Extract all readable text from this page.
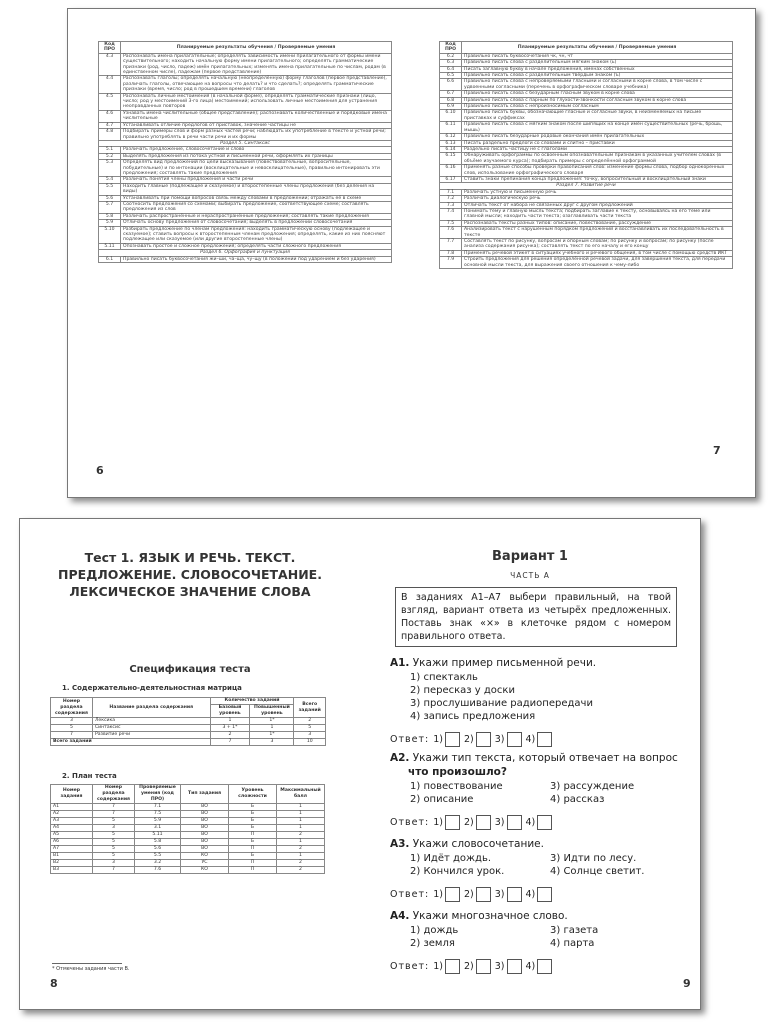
Код ПРО	Планируемые результаты обучения / Проверяемые умения
4.3	Распознавать имена прилагательные; определять зависимость имени прилагательного от формы имени существительного; находить начальную форму имени прилагательного; определять грамматические признаки (род, число, падеж) имён прилагательных; изменять имена прилагательные по числам, родам (в единственном числе), падежам (первое представление)
4.4	Распознавать глаголы; определять начальную (неопределённую) форму глаголов (первое представление), различать глаголы, отвечающие на вопросы что делать? и что сделать?; определять грамматические признаки (время, число; род в прошедшем времени) глаголов
4.5	Распознавать личные местоимения (в начальной форме), определять грамматические признаки (лицо, число; род у местоимений 3-го лица) местоимений; использовать личные местоимения для устранения неоправданных повторов
4.6	Узнавать имена числительные (общее представление); распознавать количественные и порядковые имена числительные
4.7	Устанавливать отличие предлогов от приставок, значение частицы не
4.8	Подбирать примеры слов и форм разных частей речи; наблюдать их употребление в тексте и устной речи; правильно употреблять в речи части речи и их формы
Раздел 5. Синтаксис	
5.1	Различать предложение, словосочетание и слово
5.2	Выделять предложения из потока устной и письменной речи, оформлять их границы
5.3	Определять вид предложений по цели высказывания (повествовательные, вопросительные, побудительные) и по интонации (восклицательные и невосклицательные), правильно интонировать эти предложения; составлять такие предложения
5.4	Различать понятия члены предложения и части речи
5.5	Находить главные (подлежащее и сказуемое) и второстепенные члены предложения (без деления на виды)
5.6	Устанавливать при помощи вопросов связь между словами в предложении; отражать её в схеме
5.7	Соотносить предложения со схемами; выбирать предложение, соответствующее схеме; составлять предложения из слов
5.8	Различать распространённые и нераспространённые предложения; составлять такие предложения
5.9	Отличать основу предложения от словосочетания; выделять в предложении словосочетания
5.10	Разбирать предложение по членам предложения: находить грамматическую основу (подлежащее и сказуемое); ставить вопросы к второстепенным членам предложения; определять, какие из них поясняют подлежащее или сказуемое (или другие второстепенные члены)
5.11	Опознавать простое и сложное предложения; определять части сложного предложения
Раздел 6. Орфография и пунктуация	
6.1	Правильно писать буквосочетания жи–ши, ча–ща, чу–щу (в положении под ударением и без ударения)
6
Код ПРО	Планируемые результаты обучения / Проверяемые умения
6.2	Правильно писать буквосочетания чк, чн, чт
6.3	Правильно писать слова с разделительным мягким знаком (ь)
6.4	Писать заглавную букву в начале предложения, именах собственных
6.5	Правильно писать слова с разделительным твёрдым знаком (ъ)
6.6	Правильно писать слова с непроверяемыми гласными и согласными в корне слова, в том числе с удвоенными согласными (перечень в орфографическом словаре учебника)
6.7	Правильно писать слова с безударным гласным звуком в корне слова
6.8	Правильно писать слова с парным по глухости-звонкости согласным звуком в корне слова
6.9	Правильно писать слова с непроизносимым согласным
6.10	Правильно писать буквы, обозначающие гласные и согласные звуки, в неизменяемых на письме приставках и суффиксах
6.11	Правильно писать слова с мягким знаком после шипящих на конце имён существительных (речь, брошь, мышь)
6.12	Правильно писать безударные родовые окончания имён прилагательных
6.13	Писать раздельно предлоги со словами и слитно – приставки
6.14	Раздельно писать частицу не с глаголами
6.15	Обнаруживать орфограммы по освоенным опознавательным признакам в указанных учителем словах (в объёме изучаемого курса); подбирать примеры с определённой орфограммой
6.16	Применять разные способы проверки правописания слов: изменение формы слова, подбор однокоренных слов, использование орфографического словаря
6.17	Ставить знаки препинания конца предложения: точку, вопросительный и восклицательный знаки
Раздел 7. Развитие речи	
7.1	Различать устную и письменную речь
7.2	Различать диалогическую речь
7.3	Отличать текст от набора не связанных друг с другом предложений
7.4	Понимать тему и главную мысль текста; подбирать заглавие к тексту, основываясь на его теме или главной мысли; находить части текста; озаглавливать части текста
7.5	Распознавать тексты разных типов: описание, повествование, рассуждение
7.6	Анализировать текст с нарушенным порядком предложений и восстанавливать их последовательность в тексте
7.7	Составлять текст по рисунку, вопросам и опорным словам; по рисунку и вопросам; по рисунку (после анализа содержания рисунка); составлять текст по его началу и его концу
7.8	Применять речевой этикет в ситуациях учебного и речевого общения, в том числе с помощью средств ИКТ
7.9	Строить предложения для решения определённой речевой задачи, для завершения текста, для передачи основной мысли текста, для выражения своего отношения к чему-либо
7
Тест 1. ЯЗЫК И РЕЧЬ. ТЕКСТ.
ПРЕДЛОЖЕНИЕ. СЛОВОСОЧЕТАНИЕ.
ЛЕКСИЧЕСКОЕ ЗНАЧЕНИЕ СЛОВА
Спецификация теста
1. Содержательно-деятельностная матрица
Номер раздела содержания	Название раздела содержания	Количество заданий		Всего заданий
		Базовый уровень	Повышенный уровень	
3	Лексика	1	1*	2
5	Синтаксис	3 + 1*	1	5
7	Развитие речи	2	1*	3
Всего заданий		7	3	10
2. План теста
Номер задания	Номер раздела содержания	Проверяемые умения (код ПРО)	Тип задания	Уровень сложности	Максимальный балл
А1	7	7.1	ВО	Б	1
А2	7	7.5	ВО	Б	1
А3	5	5.9	ВО	Б	1
А4	3	3.1	ВО	Б	1
А5	5	5.11	ВО	П	2
А6	5	5.8	ВО	Б	1
А7	5	5.6	ВО	П	2
В1	5	5.5	КО	Б	1
В2	3	3.2	УС	П	2
В3	7	7.6	КО	П	2
* Отмечены задания части В.
8
Вариант 1
ЧАСТЬ А
В заданиях А1–А7 выбери правильный, на твой взгляд, вариант ответа из четырёх предложенных. Поставь знак «×» в клеточке рядом с номером правильного ответа.
А1. Укажи пример письменной речи.
1) спектакль
2) пересказ у доски
3) прослушивание радиопередачи
4) запись предложения
Ответ: 1) 2) 3) 4)
А2. Укажи тип текста, который отвечает на вопрос
что произошло?
1) повествование
2) описание
3) рассуждение
4) рассказ
Ответ: 1) 2) 3) 4)
А3. Укажи словосочетание.
1) Идёт дождь.
2) Кончился урок.
3) Идти по лесу.
4) Солнце светит.
Ответ: 1) 2) 3) 4)
А4. Укажи многозначное слово.
1) дождь
2) земля
3) газета
4) парта
Ответ: 1) 2) 3) 4)
9
